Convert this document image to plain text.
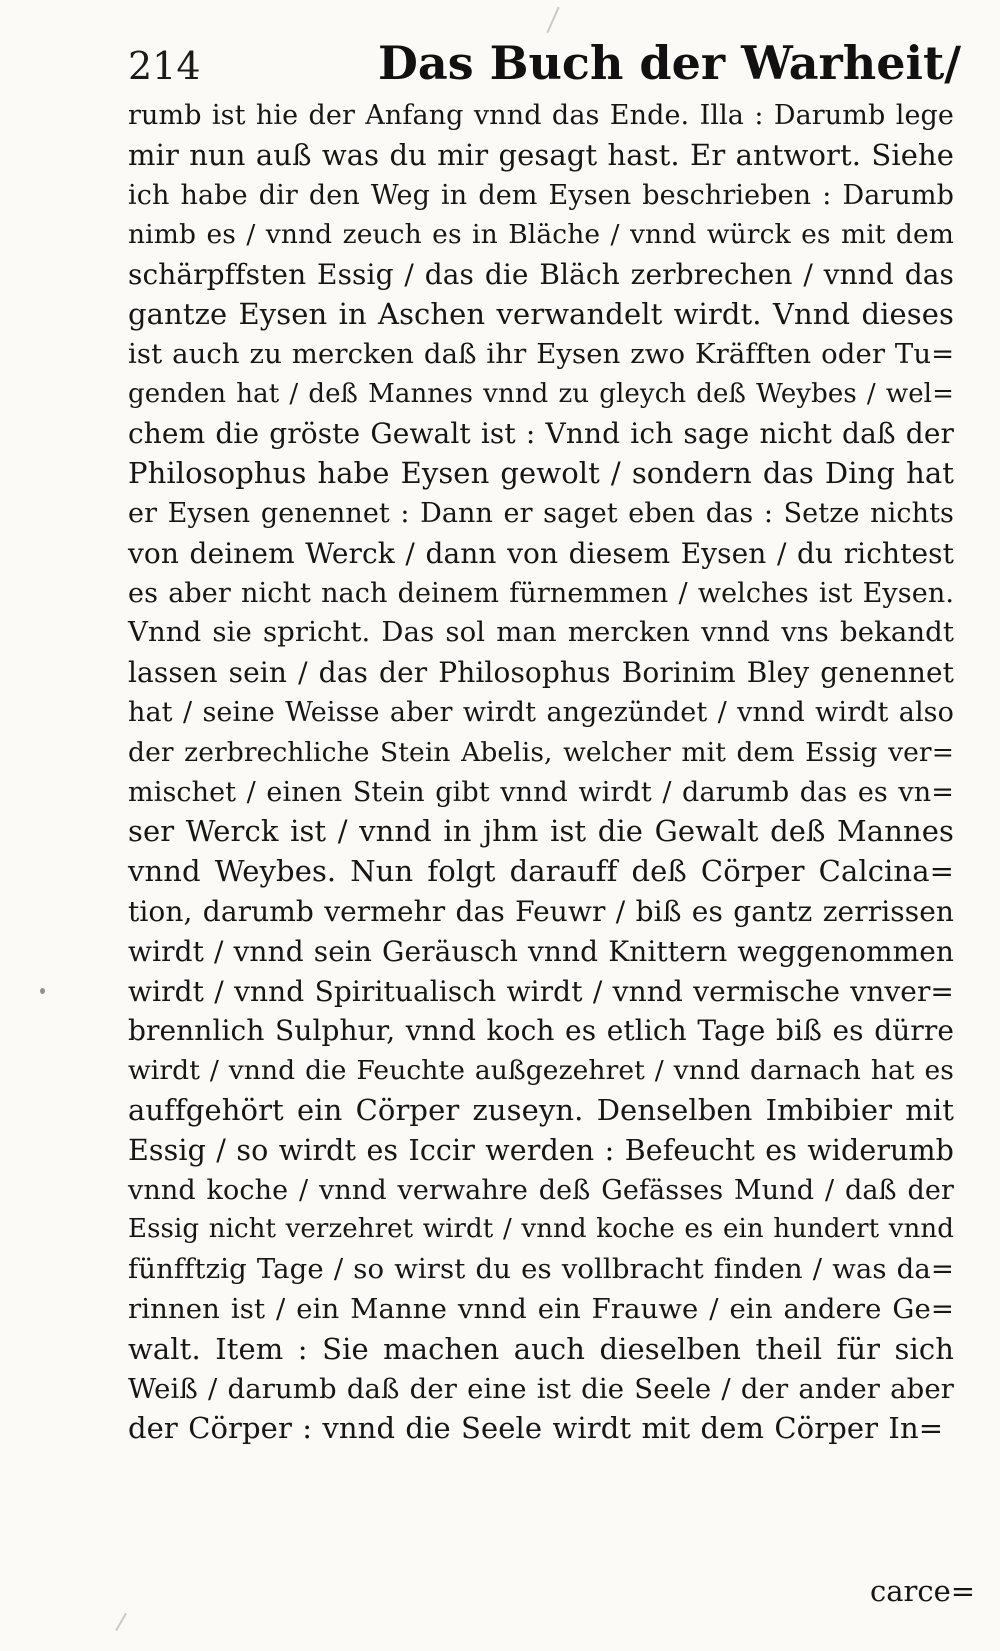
214	Das Buch der Warheit/
rumb ist hie der Anfang vnnd das Ende. Illa : Darumb lege
mir nun auß was du mir gesagt hast. Er antwort. Siehe
ich habe dir den Weg in dem Eysen beschrieben : Darumb
nimb es / vnnd zeuch es in Bläche / vnnd würck es mit dem
schärpffsten Essig / das die Bläch zerbrechen / vnnd das
gantze Eysen in Aschen verwandelt wirdt. Vnnd dieses
ist auch zu mercken daß ihr Eysen zwo Kräfften oder Tu=
genden hat / deß Mannes vnnd zu gleych deß Weybes / wel=
chem die gröste Gewalt ist : Vnnd ich sage nicht daß der
Philosophus habe Eysen gewolt / sondern das Ding hat
er Eysen genennet : Dann er saget eben das : Setze nichts
von deinem Werck / dann von diesem Eysen / du richtest
es aber nicht nach deinem fürnemmen / welches ist Eysen.
Vnnd sie spricht. Das sol man mercken vnnd vns bekandt
lassen sein / das der Philosophus Borinim Bley genennet
hat / seine Weisse aber wirdt angezündet / vnnd wirdt also
der zerbrechliche Stein Abelis, welcher mit dem Essig ver=
mischet / einen Stein gibt vnnd wirdt / darumb das es vn=
ser Werck ist / vnnd in jhm ist die Gewalt deß Mannes
vnnd Weybes. Nun folgt darauff deß Cörper Calcina=
tion, darumb vermehr das Feuwr / biß es gantz zerrissen
wirdt / vnnd sein Geräusch vnnd Knittern weggenommen
wirdt / vnnd Spiritualisch wirdt / vnnd vermische vnver=
brennlich Sulphur, vnnd koch es etlich Tage biß es dürre
wirdt / vnnd die Feuchte außgezehret / vnnd darnach hat es
auffgehört ein Cörper zuseyn. Denselben Imbibier mit
Essig / so wirdt es Iccir werden : Befeucht es widerumb
vnnd koche / vnnd verwahre deß Gefässes Mund / daß der
Essig nicht verzehret wirdt / vnnd koche es ein hundert vnnd
fünfftzig Tage / so wirst du es vollbracht finden / was da=
rinnen ist / ein Manne vnnd ein Frauwe / ein andere Ge=
walt. Item : Sie machen auch dieselben theil für sich
Weiß / darumb daß der eine ist die Seele / der ander aber
der Cörper : vnnd die Seele wirdt mit dem Cörper In=
carce=
